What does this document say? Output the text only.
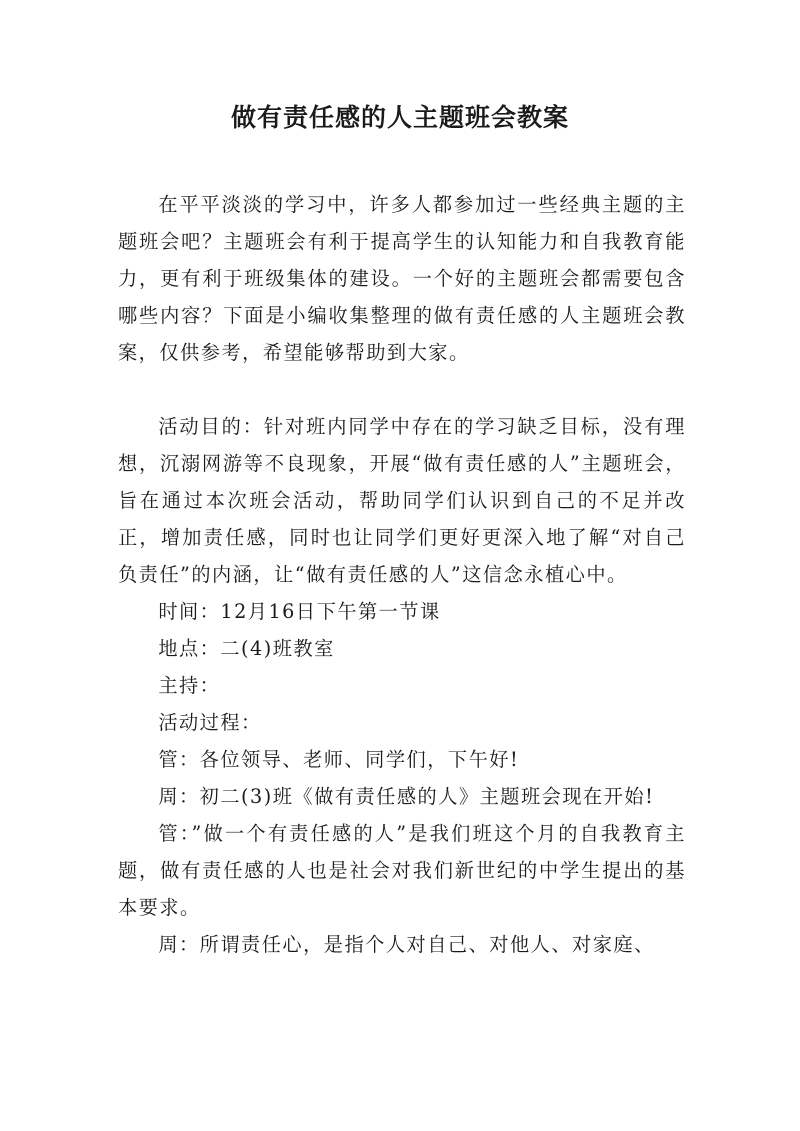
做有责任感的人主题班会教案

在平平淡淡的学习中，许多人都参加过一些经典主题的主题班会吧？主题班会有利于提高学生的认知能力和自我教育能力，更有利于班级集体的建设。一个好的主题班会都需要包含哪些内容？下面是小编收集整理的做有责任感的人主题班会教案，仅供参考，希望能够帮助到大家。

活动目的：针对班内同学中存在的学习缺乏目标，没有理想，沉溺网游等不良现象，开展“做有责任感的人”主题班会，旨在通过本次班会活动，帮助同学们认识到自己的不足并改正，增加责任感，同时也让同学们更好更深入地了解“对自己负责任”的内涵，让“做有责任感的人”这信念永植心中。

时间：12月16日下午第一节课

地点：二(4)班教室

主持：

活动过程：

管：各位领导、老师、同学们，下午好!

周：初二(3)班《做有责任感的人》主题班会现在开始!

管：”做一个有责任感的人”是我们班这个月的自我教育主题，做有责任感的人也是社会对我们新世纪的中学生提出的基本要求。

周：所谓责任心，是指个人对自己、对他人、对家庭、
